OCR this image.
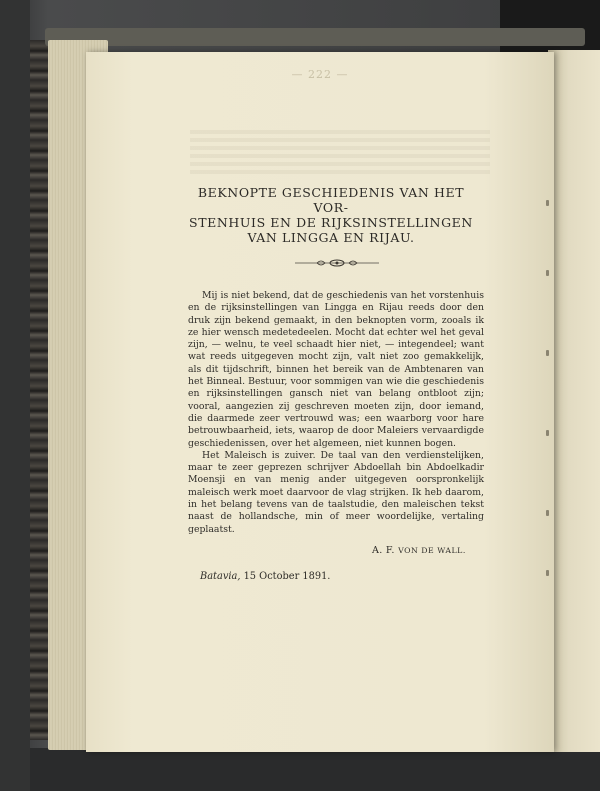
— 222 —
BEKNOPTE GESCHIEDENIS VAN HET VOR-
STENHUIS EN DE RIJKSINSTELLINGEN
VAN LINGGA EN RIJAU.

Mij is niet bekend, dat de geschiedenis van het vorstenhuis en de rijksinstellingen van Lingga en Rijau reeds door den druk zijn bekend gemaakt, in den beknopten vorm, zooals ik ze hier wensch medetedeelen. Mocht dat echter wel het geval zijn, — welnu, te veel schaadt hier niet, — integendeel; want wat reeds uitgegeven mocht zijn, valt niet zoo gemakkelijk, als dit tijdschrift, binnen het bereik van de Ambtenaren van het Binneal. Bestuur, voor sommigen van wie die geschiedenis en rijksinstellingen gansch niet van belang ontbloot zijn; vooral, aangezien zij geschreven moeten zijn, door iemand, die daarmede zeer vertrouwd was; een waarborg voor hare betrouwbaarheid, iets, waarop de door Maleiers vervaardigde geschiedenissen, over het algemeen, niet kunnen bogen.

Het Maleisch is zuiver. De taal van den verdienstelijken, maar te zeer geprezen schrijver Abdoellah bin Abdoelkadir Moensji en van menig ander uitgegeven oorspronkelijk maleisch werk moet daarvoor de vlag strijken. Ik heb daarom, in het belang tevens van de taalstudie, den maleischen tekst naast de hollandsche, min of meer woordelijke, vertaling geplaatst.

A. F. VON DE WALL.
Batavia, 15 October 1891.
